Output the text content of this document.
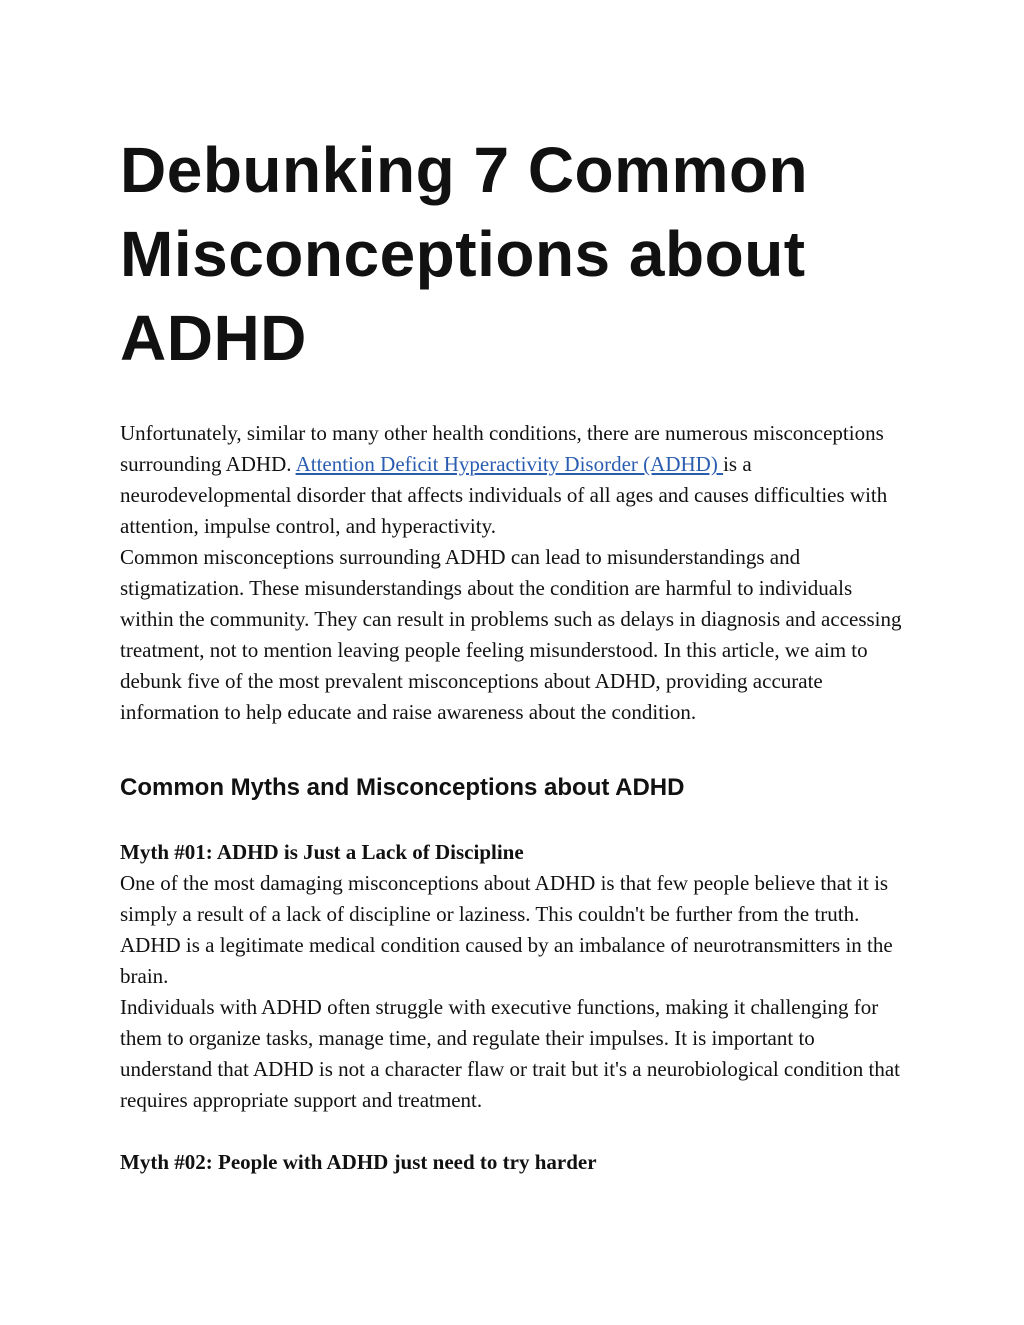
Debunking 7 Common
Misconceptions about
ADHD

Unfortunately, similar to many other health conditions, there are numerous misconceptions surrounding ADHD. Attention Deficit Hyperactivity Disorder (ADHD) is a neurodevelopmental disorder that affects individuals of all ages and causes difficulties with attention, impulse control, and hyperactivity.

Common misconceptions surrounding ADHD can lead to misunderstandings and stigmatization. These misunderstandings about the condition are harmful to individuals within the community. They can result in problems such as delays in diagnosis and accessing treatment, not to mention leaving people feeling misunderstood. In this article, we aim to debunk five of the most prevalent misconceptions about ADHD, providing accurate information to help educate and raise awareness about the condition.

Common Myths and Misconceptions about ADHD
Myth #01: ADHD is Just a Lack of Discipline

One of the most damaging misconceptions about ADHD is that few people believe that it is simply a result of a lack of discipline or laziness. This couldn't be further from the truth. ADHD is a legitimate medical condition caused by an imbalance of neurotransmitters in the brain.

Individuals with ADHD often struggle with executive functions, making it challenging for them to organize tasks, manage time, and regulate their impulses. It is important to understand that ADHD is not a character flaw or trait but it's a neurobiological condition that requires appropriate support and treatment.

Myth #02: People with ADHD just need to try harder
